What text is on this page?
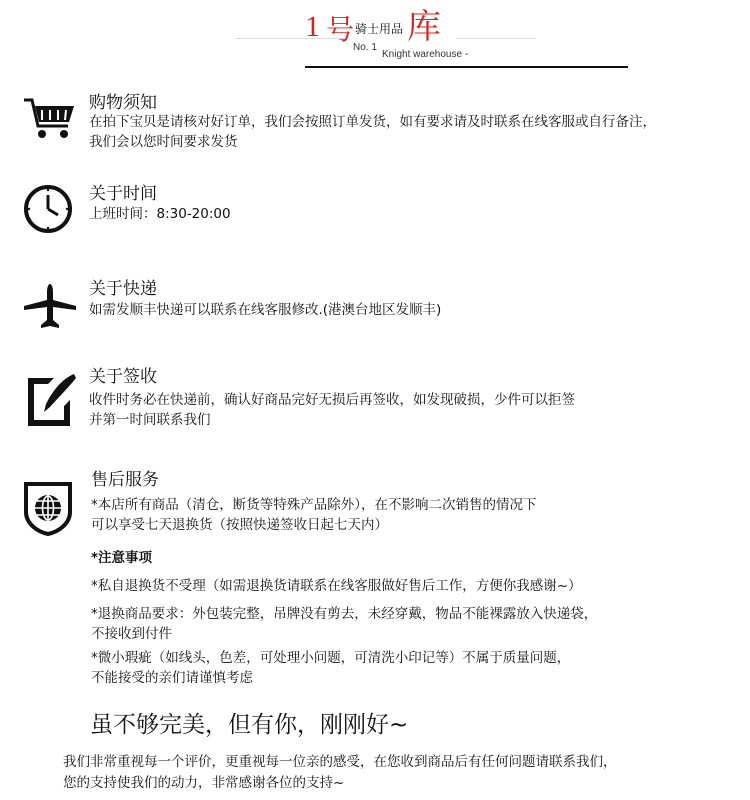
1 号 骑士用品
No. 1
库
Knight warehouse -
购物须知
在拍下宝贝是请核对好订单，我们会按照订单发货，如有要求请及时联系在线客服或自行备注，
我们会以您时间要求发货
关于时间
上班时间：8:30-20:00
关于快递
如需发顺丰快递可以联系在线客服修改.(港澳台地区发顺丰)
关于签收
收件时务必在快递前，确认好商品完好无损后再签收，如发现破损，少件可以拒签
并第一时间联系我们
售后服务
*本店所有商品（清仓，断货等特殊产品除外），在不影响二次销售的情况下
可以享受七天退换货（按照快递签收日起七天内）
*注意事项
*私自退换货不受理（如需退换货请联系在线客服做好售后工作，方便你我感谢~）
*退换商品要求：外包装完整，吊牌没有剪去，未经穿戴，物品不能裸露放入快递袋，
不接收到付件
*微小瑕疵（如线头，色差，可处理小问题，可清洗小印记等）不属于质量问题，
不能接受的亲们请谨慎考虑
虽不够完美，但有你，刚刚好~
我们非常重视每一个评价，更重视每一位亲的感受，在您收到商品后有任何问题请联系我们，
您的支持使我们的动力，非常感谢各位的支持~
